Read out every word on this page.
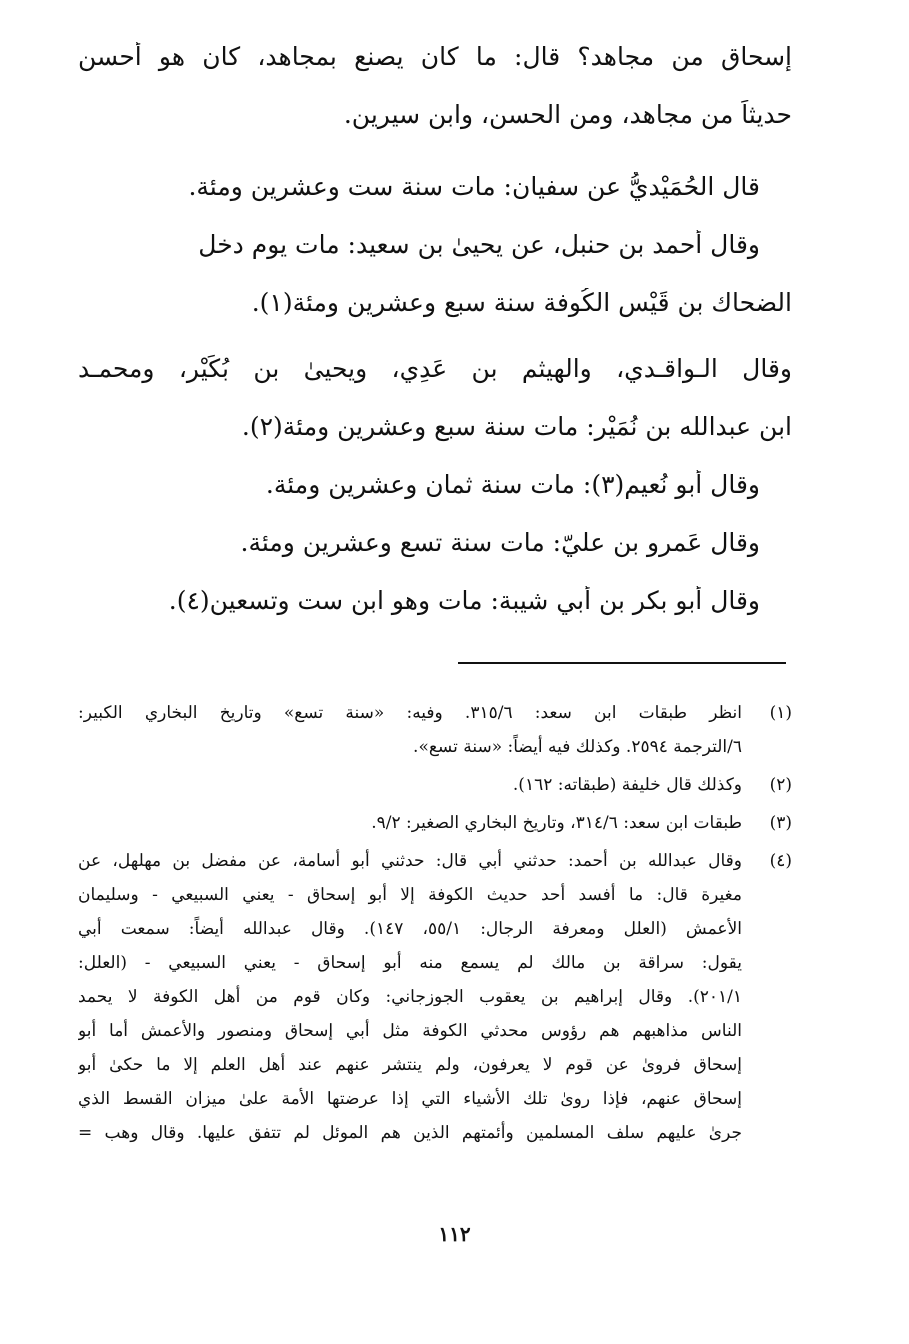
إسحاق من مجاهد؟ قال: ما كان يصنع بمجاهد، كان هو أحسن

حديثاً من مجاهد، ومن الحسن، وابن سيرين.

قال الحُمَيْديُّ عن سفيان: مات سنة ست وعشرين ومئة.

وقال أحمد بن حنبل، عن يحيىٰ بن سعيد: مات يوم دخل

الضحاك بن قَيْس الكُوفة سنة سبع وعشرين ومئة(١).

وقال الـواقـدي، والهيثم بن عَدِي، ويحيىٰ بن بُكَيْر، ومحمـد

ابن عبدالله بن نُمَيْر: مات سنة سبع وعشرين ومئة(٢).

وقال أبو نُعيم(٣): مات سنة ثمان وعشرين ومئة.

وقال عَمرو بن عليّ: مات سنة تسع وعشرين ومئة.

وقال أبو بكر بن أبي شيبة: مات وهو ابن ست وتسعين(٤).

(١)

انظر طبقات ابن سعد: ٣١٥/٦. وفيه: «سنة تسع» وتاريخ البخاري الكبير:

٦/الترجمة ٢٥٩٤. وكذلك فيه أيضاً: «سنة تسع».

(٢)

وكذلك قال خليفة (طبقاته: ١٦٢).

(٣)

طبقات ابن سعد: ٣١٤/٦، وتاريخ البخاري الصغير: ٩/٢.

(٤)

وقال عبدالله بن أحمد: حدثني أبي قال: حدثني أبو أسامة، عن مفضل بن مهلهل، عن

مغيرة قال: ما أفسد أحد حديث الكوفة إلا أبو إسحاق - يعني السبيعي - وسليمان

الأعمش (العلل ومعرفة الرجال: ٥٥/١، ١٤٧). وقال عبدالله أيضاً: سمعت أبي

يقول: سراقة بن مالك لم يسمع منه أبو إسحاق - يعني السبيعي - (العلل:

٢٠١/١). وقال إبراهيم بن يعقوب الجوزجاني: وكان قوم من أهل الكوفة لا يحمد

الناس مذاهبهم هم رؤوس محدثي الكوفة مثل أبي إسحاق ومنصور والأعمش أما أبو

إسحاق فروىٰ عن قوم لا يعرفون، ولم ينتشر عنهم عند أهل العلم إلا ما حكىٰ أبو

إسحاق عنهم، فإذا روىٰ تلك الأشياء التي إذا عرضتها الأمة علىٰ ميزان القسط الذي

جرىٰ عليهم سلف المسلمين وأئمتهم الذين هم الموئل لم تتفق عليها. وقال وهب =

١١٢
